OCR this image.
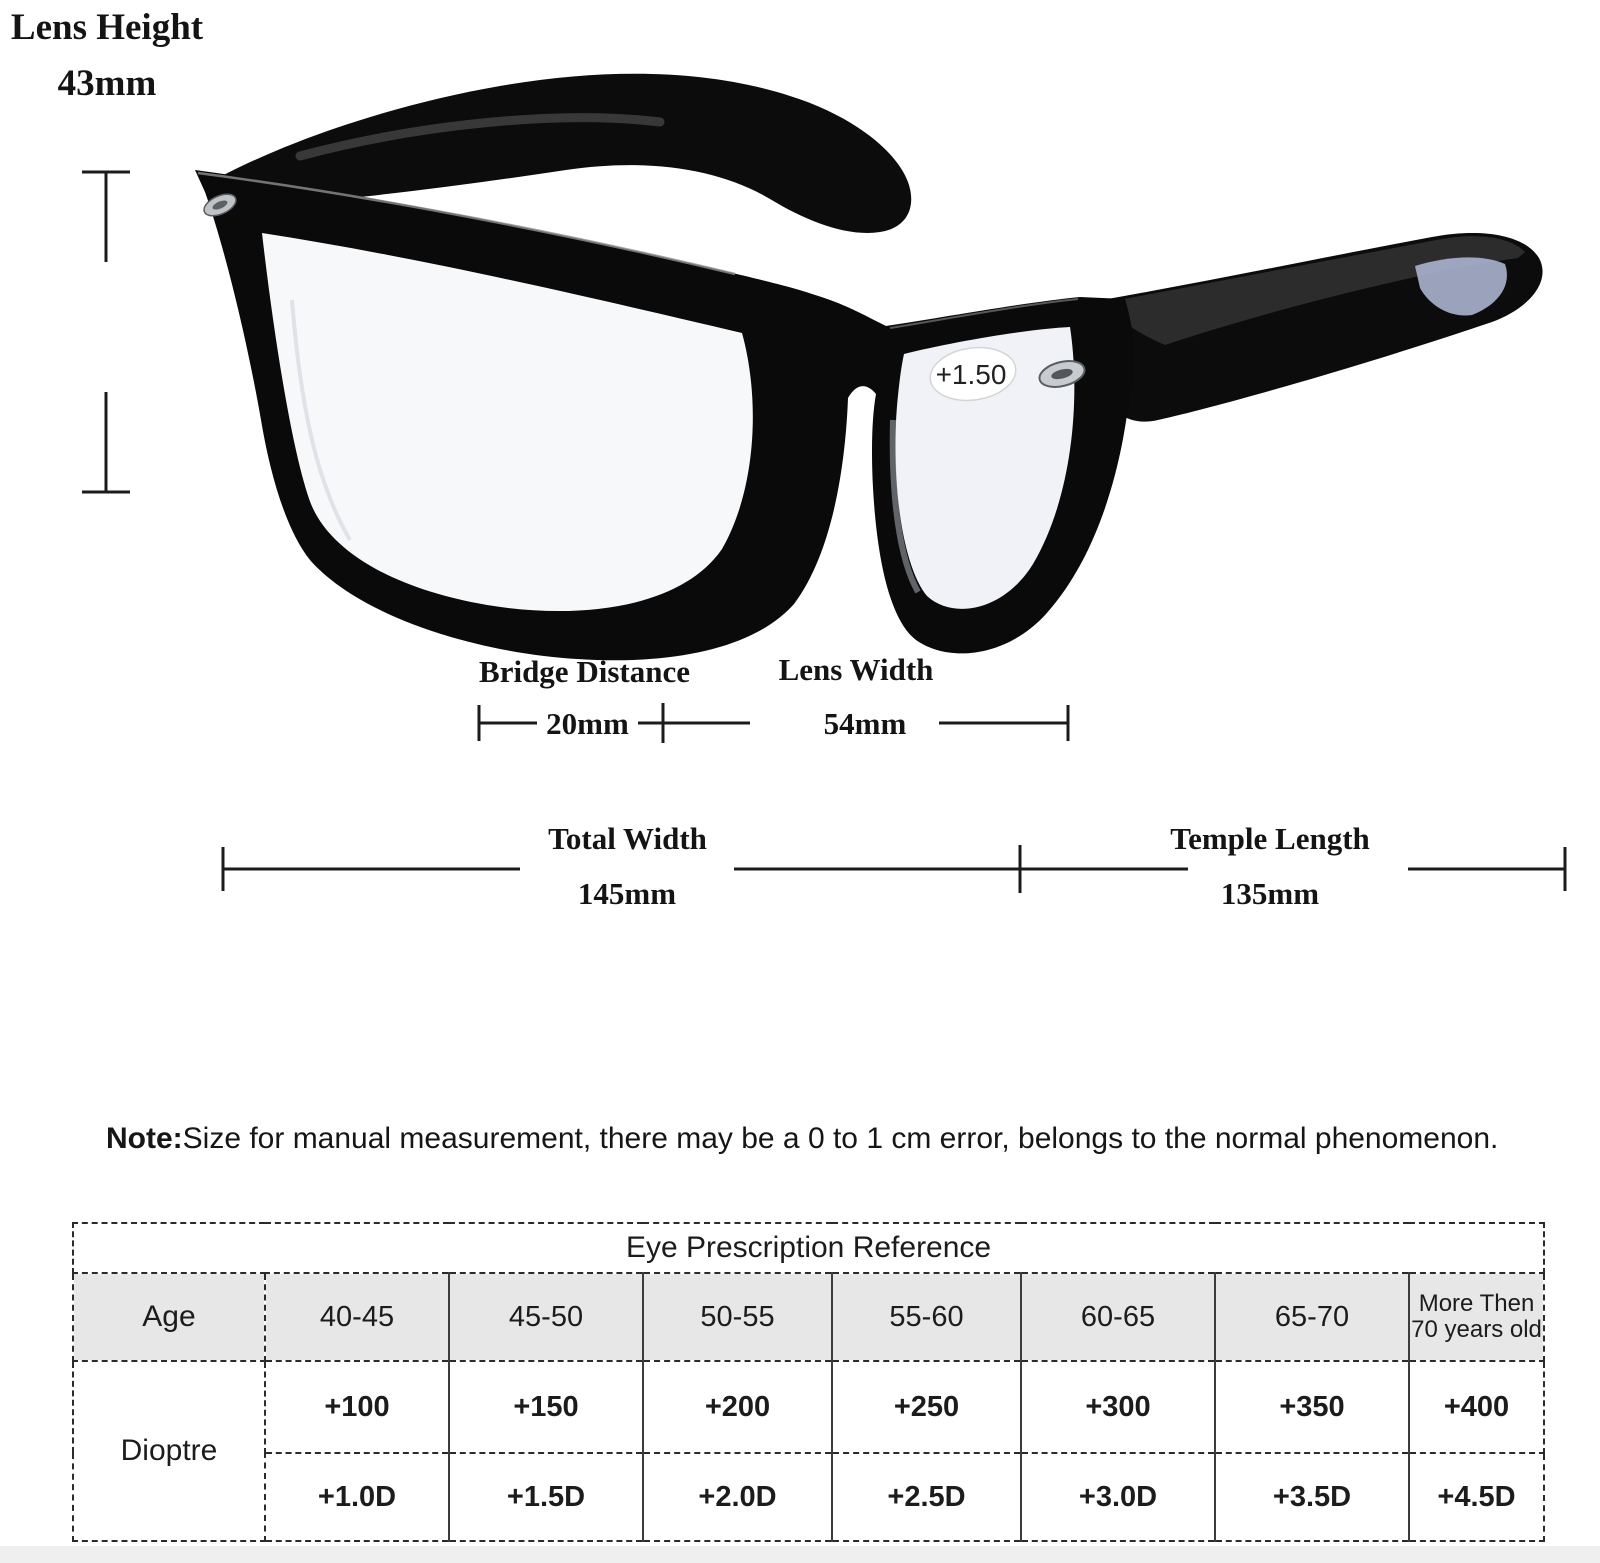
+1.50
Lens Height
43mm
Bridge Distance
20mm
Lens Width
54mm
Total Width
145mm
Temple Length
135mm
Note:Size for manual measurement, there may be a 0 to 1 cm error, belongs to the normal phenomenon.
Eye Prescription Reference							
Age	40-45	45-50	50-55	55-60	60-65	65-70	More Then 70 years old
Dioptre	+100	+150	+200	+250	+300	+350	+400
	+1.0D	+1.5D	+2.0D	+2.5D	+3.0D	+3.5D	+4.5D
